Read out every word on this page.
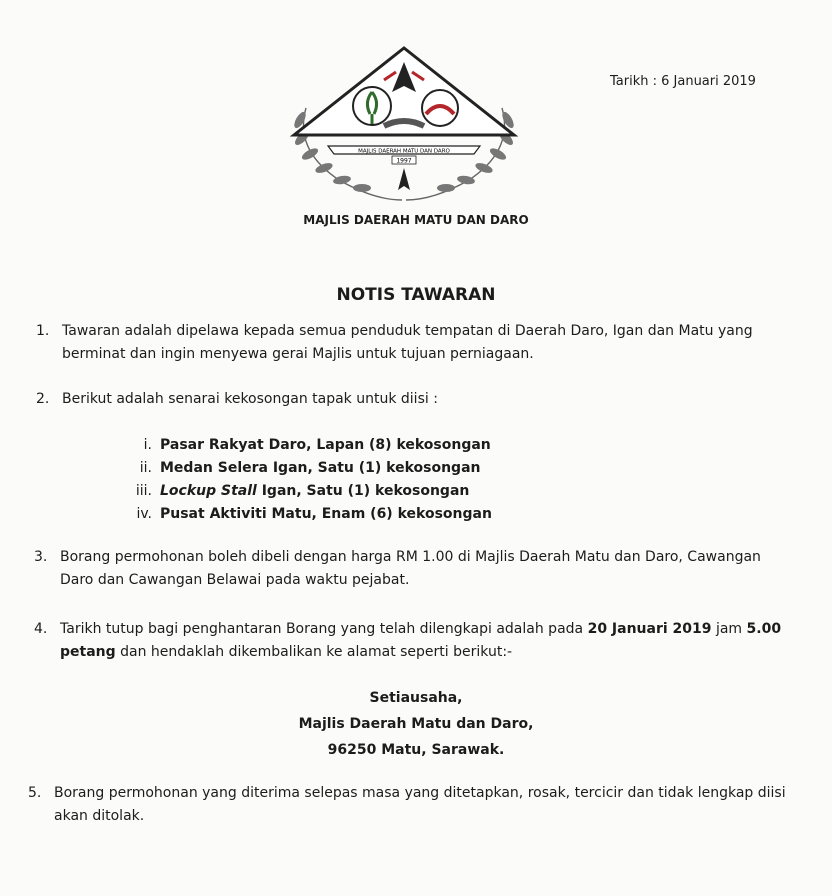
Tarikh : 6 Januari 2019
MAJLIS DAERAH MATU DAN DARO
1997
MAJLIS DAERAH MATU DAN DARO
NOTIS TAWARAN
1. Tawaran adalah dipelawa kepada semua penduduk tempatan di Daerah Daro, Igan dan Matu yang
berminat dan ingin menyewa gerai Majlis untuk tujuan perniagaan.
2. Berikut adalah senarai kekosongan tapak untuk diisi :
i. Pasar Rakyat Daro, Lapan (8) kekosongan
ii. Medan Selera Igan, Satu (1) kekosongan
iii. Lockup Stall Igan, Satu (1) kekosongan
iv. Pusat Aktiviti Matu, Enam (6) kekosongan
3. Borang permohonan boleh dibeli dengan harga RM 1.00 di Majlis Daerah Matu dan Daro, Cawangan
Daro dan Cawangan Belawai pada waktu pejabat.
4. Tarikh tutup bagi penghantaran Borang yang telah dilengkapi adalah pada 20 Januari 2019 jam 5.00
petang dan hendaklah dikembalikan ke alamat seperti berikut:-
Setiausaha,
Majlis Daerah Matu dan Daro,
96250 Matu, Sarawak.
5. Borang permohonan yang diterima selepas masa yang ditetapkan, rosak, tercicir dan tidak lengkap diisi
akan ditolak.
